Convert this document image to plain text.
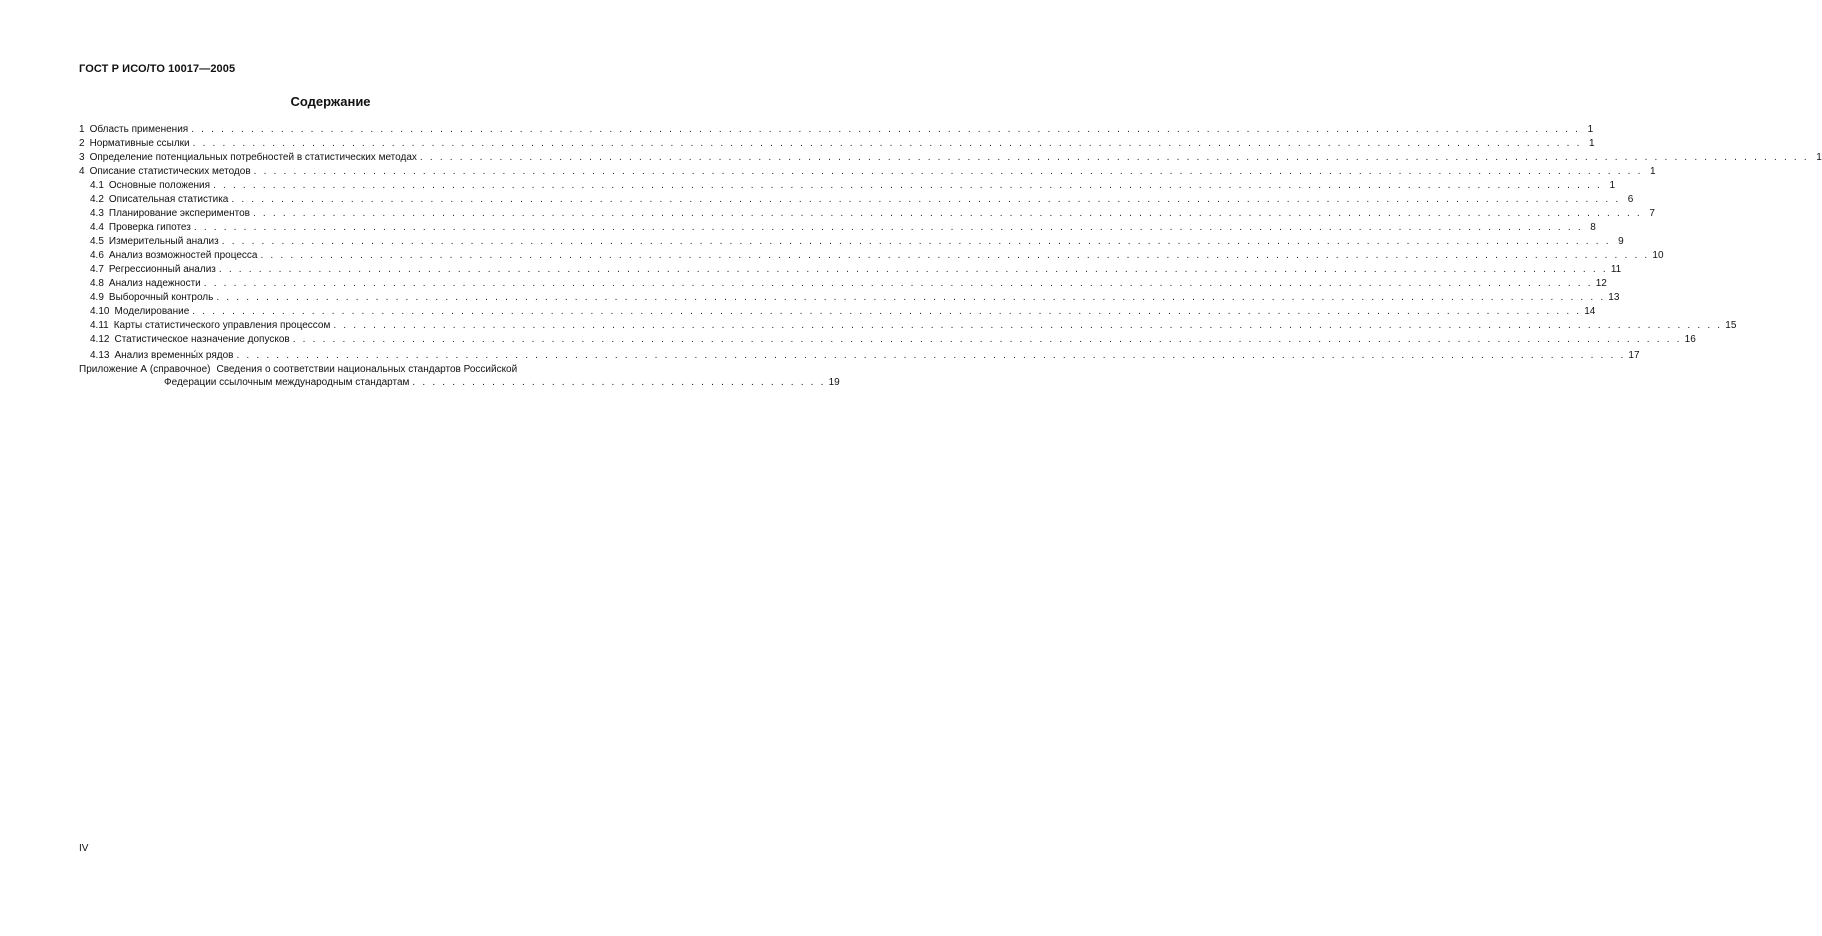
ГОСТ Р ИСО/ТО 10017—2005
Содержание
1 Область применения . . .	1
2 Нормативные ссылки . . .	1
3 Определение потенциальных потребностей в статистических методах . . .	1
4 Описание статистических методов . . .	1
4.1 Основные положения . . .	1
4.2 Описательная статистика . . .	6
4.3 Планирование экспериментов . . .	7
4.4 Проверка гипотез . . .	8
4.5 Измерительный анализ . . .	9
4.6 Анализ возможностей процесса . . .	10
4.7 Регрессионный анализ . . .	11
4.8 Анализ надежности . . .	12
4.9 Выборочный контроль . . .	13
4.10 Моделирование . . .	14
4.11 Карты статистического управления процессом . . .	15
4.12 Статистическое назначение допусков . . .	16
4.13 Анализ временны́х рядов . . .	17
Приложение А (справочное) Сведения о соответствии национальных стандартов Российской
Федерации ссылочным международным стандартам . . . . . . . . . . . . . . . . . . . . . . . . . . . . . . . . . . . . . . . . . . 19
IV
